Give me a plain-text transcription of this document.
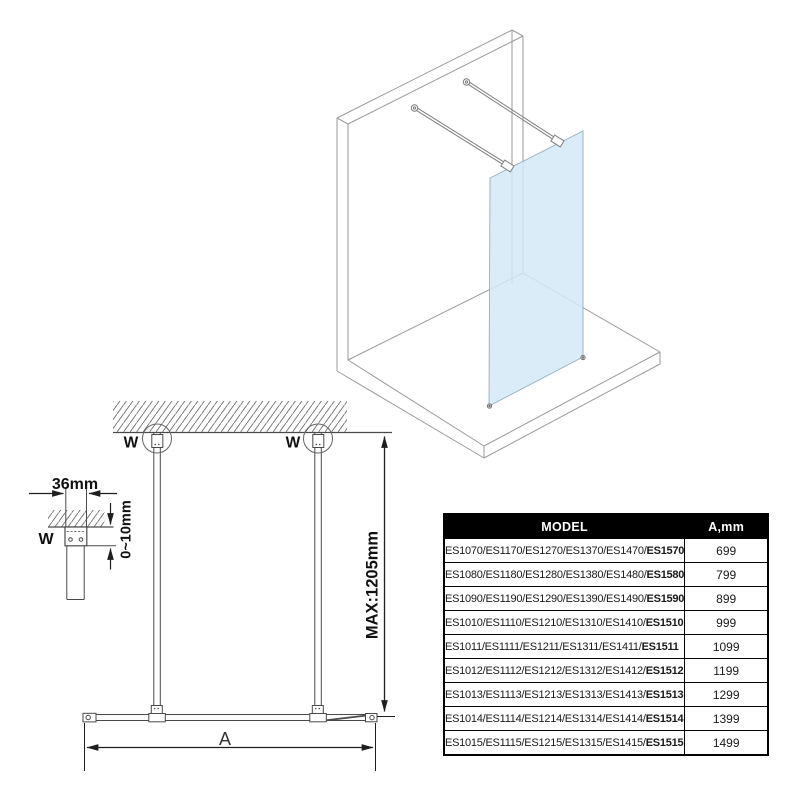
W	W
A
MAX:1205mm
W
36mm
0~10mm	MODEL	A,mm
ES1070/ES1170/ES1270/ES1370/ES1470/ES1570	699
ES1080/ES1180/ES1280/ES1380/ES1480/ES1580	799
ES1090/ES1190/ES1290/ES1390/ES1490/ES1590	899
ES1010/ES1110/ES1210/ES1310/ES1410/ES1510	999
ES1011/ES1111/ES1211/ES1311/ES1411/ES1511	1099
ES1012/ES1112/ES1212/ES1312/ES1412/ES1512	1199
ES1013/ES1113/ES1213/ES1313/ES1413/ES1513	1299
ES1014/ES1114/ES1214/ES1314/ES1414/ES1514	1399
ES1015/ES1115/ES1215/ES1315/ES1415/ES1515	1499
